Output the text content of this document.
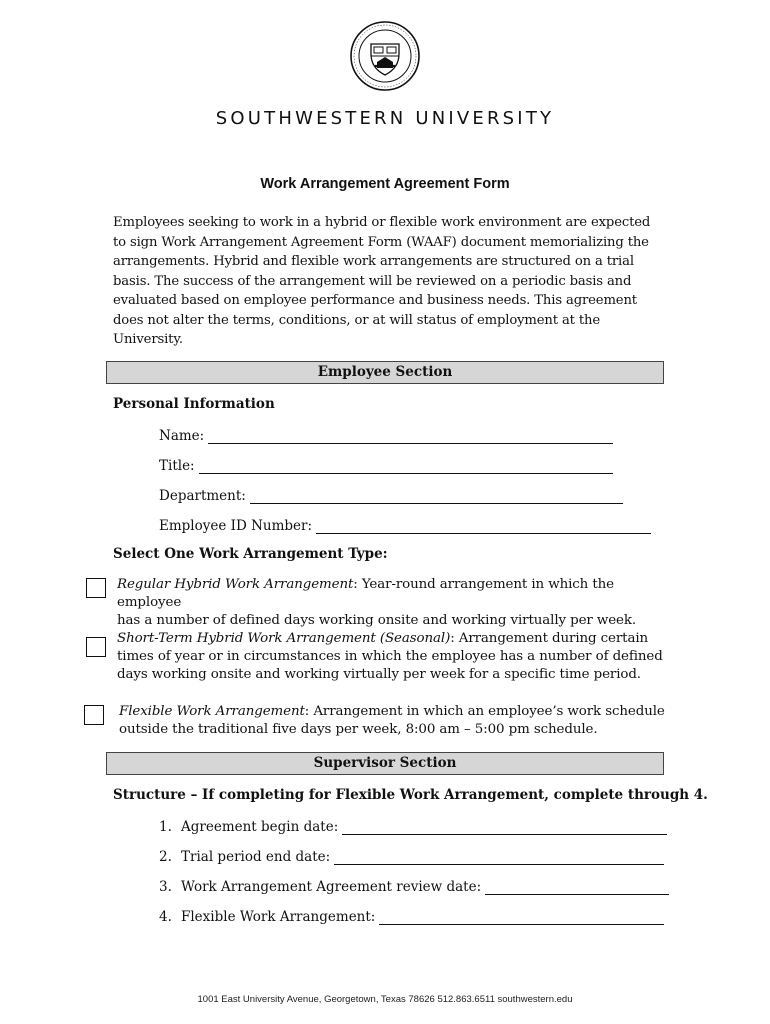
SOUTHWESTERN UNIVERSITY
Work Arrangement Agreement Form
Employees seeking to work in a hybrid or flexible work environment are expected
to sign Work Arrangement Agreement Form (WAAF) document memorializing the
arrangements. Hybrid and flexible work arrangements are structured on a trial
basis. The success of the arrangement will be reviewed on a periodic basis and
evaluated based on employee performance and business needs. This agreement
does not alter the terms, conditions, or at will status of employment at the
University.
Employee Section
Personal Information
Name:
Title:
Department:
Employee ID Number:
Select One Work Arrangement Type:
Regular Hybrid Work Arrangement: Year-round arrangement in which the employee
has a number of defined days working onsite and working virtually per week.
Short-Term Hybrid Work Arrangement (Seasonal): Arrangement during certain
times of year or in circumstances in which the employee has a number of defined
days working onsite and working virtually per week for a specific time period.
Flexible Work Arrangement: Arrangement in which an employee’s work schedule
outside the traditional five days per week, 8:00 am – 5:00 pm schedule.
Supervisor Section
Structure – If completing for Flexible Work Arrangement, complete through 4.
1. Agreement begin date:
2. Trial period end date:
3. Work Arrangement Agreement review date:
4. Flexible Work Arrangement:
1001 East University Avenue, Georgetown, Texas 78626 512.863.6511 southwestern.edu
